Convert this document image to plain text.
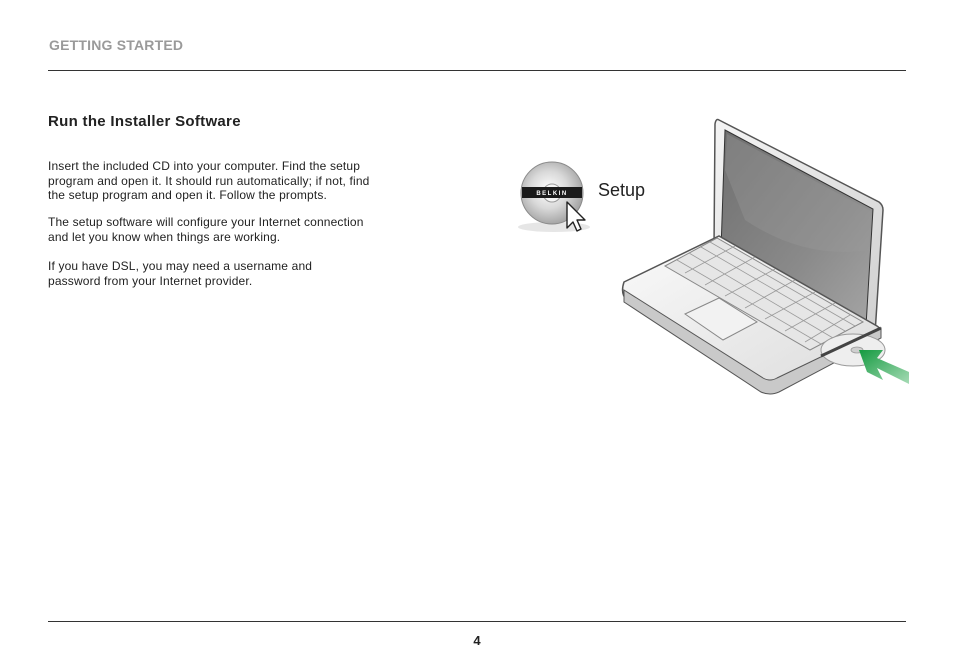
GETTING STARTED
Run the Installer Software
Insert the included CD into your computer. Find the setup
program and open it. It should run automatically; if not, find
the setup program and open it. Follow the prompts.
The setup software will configure your Internet connection
and let you know when things are working.
If you have DSL, you may need a username and
password from your Internet provider.
BELKIN Setup
4
